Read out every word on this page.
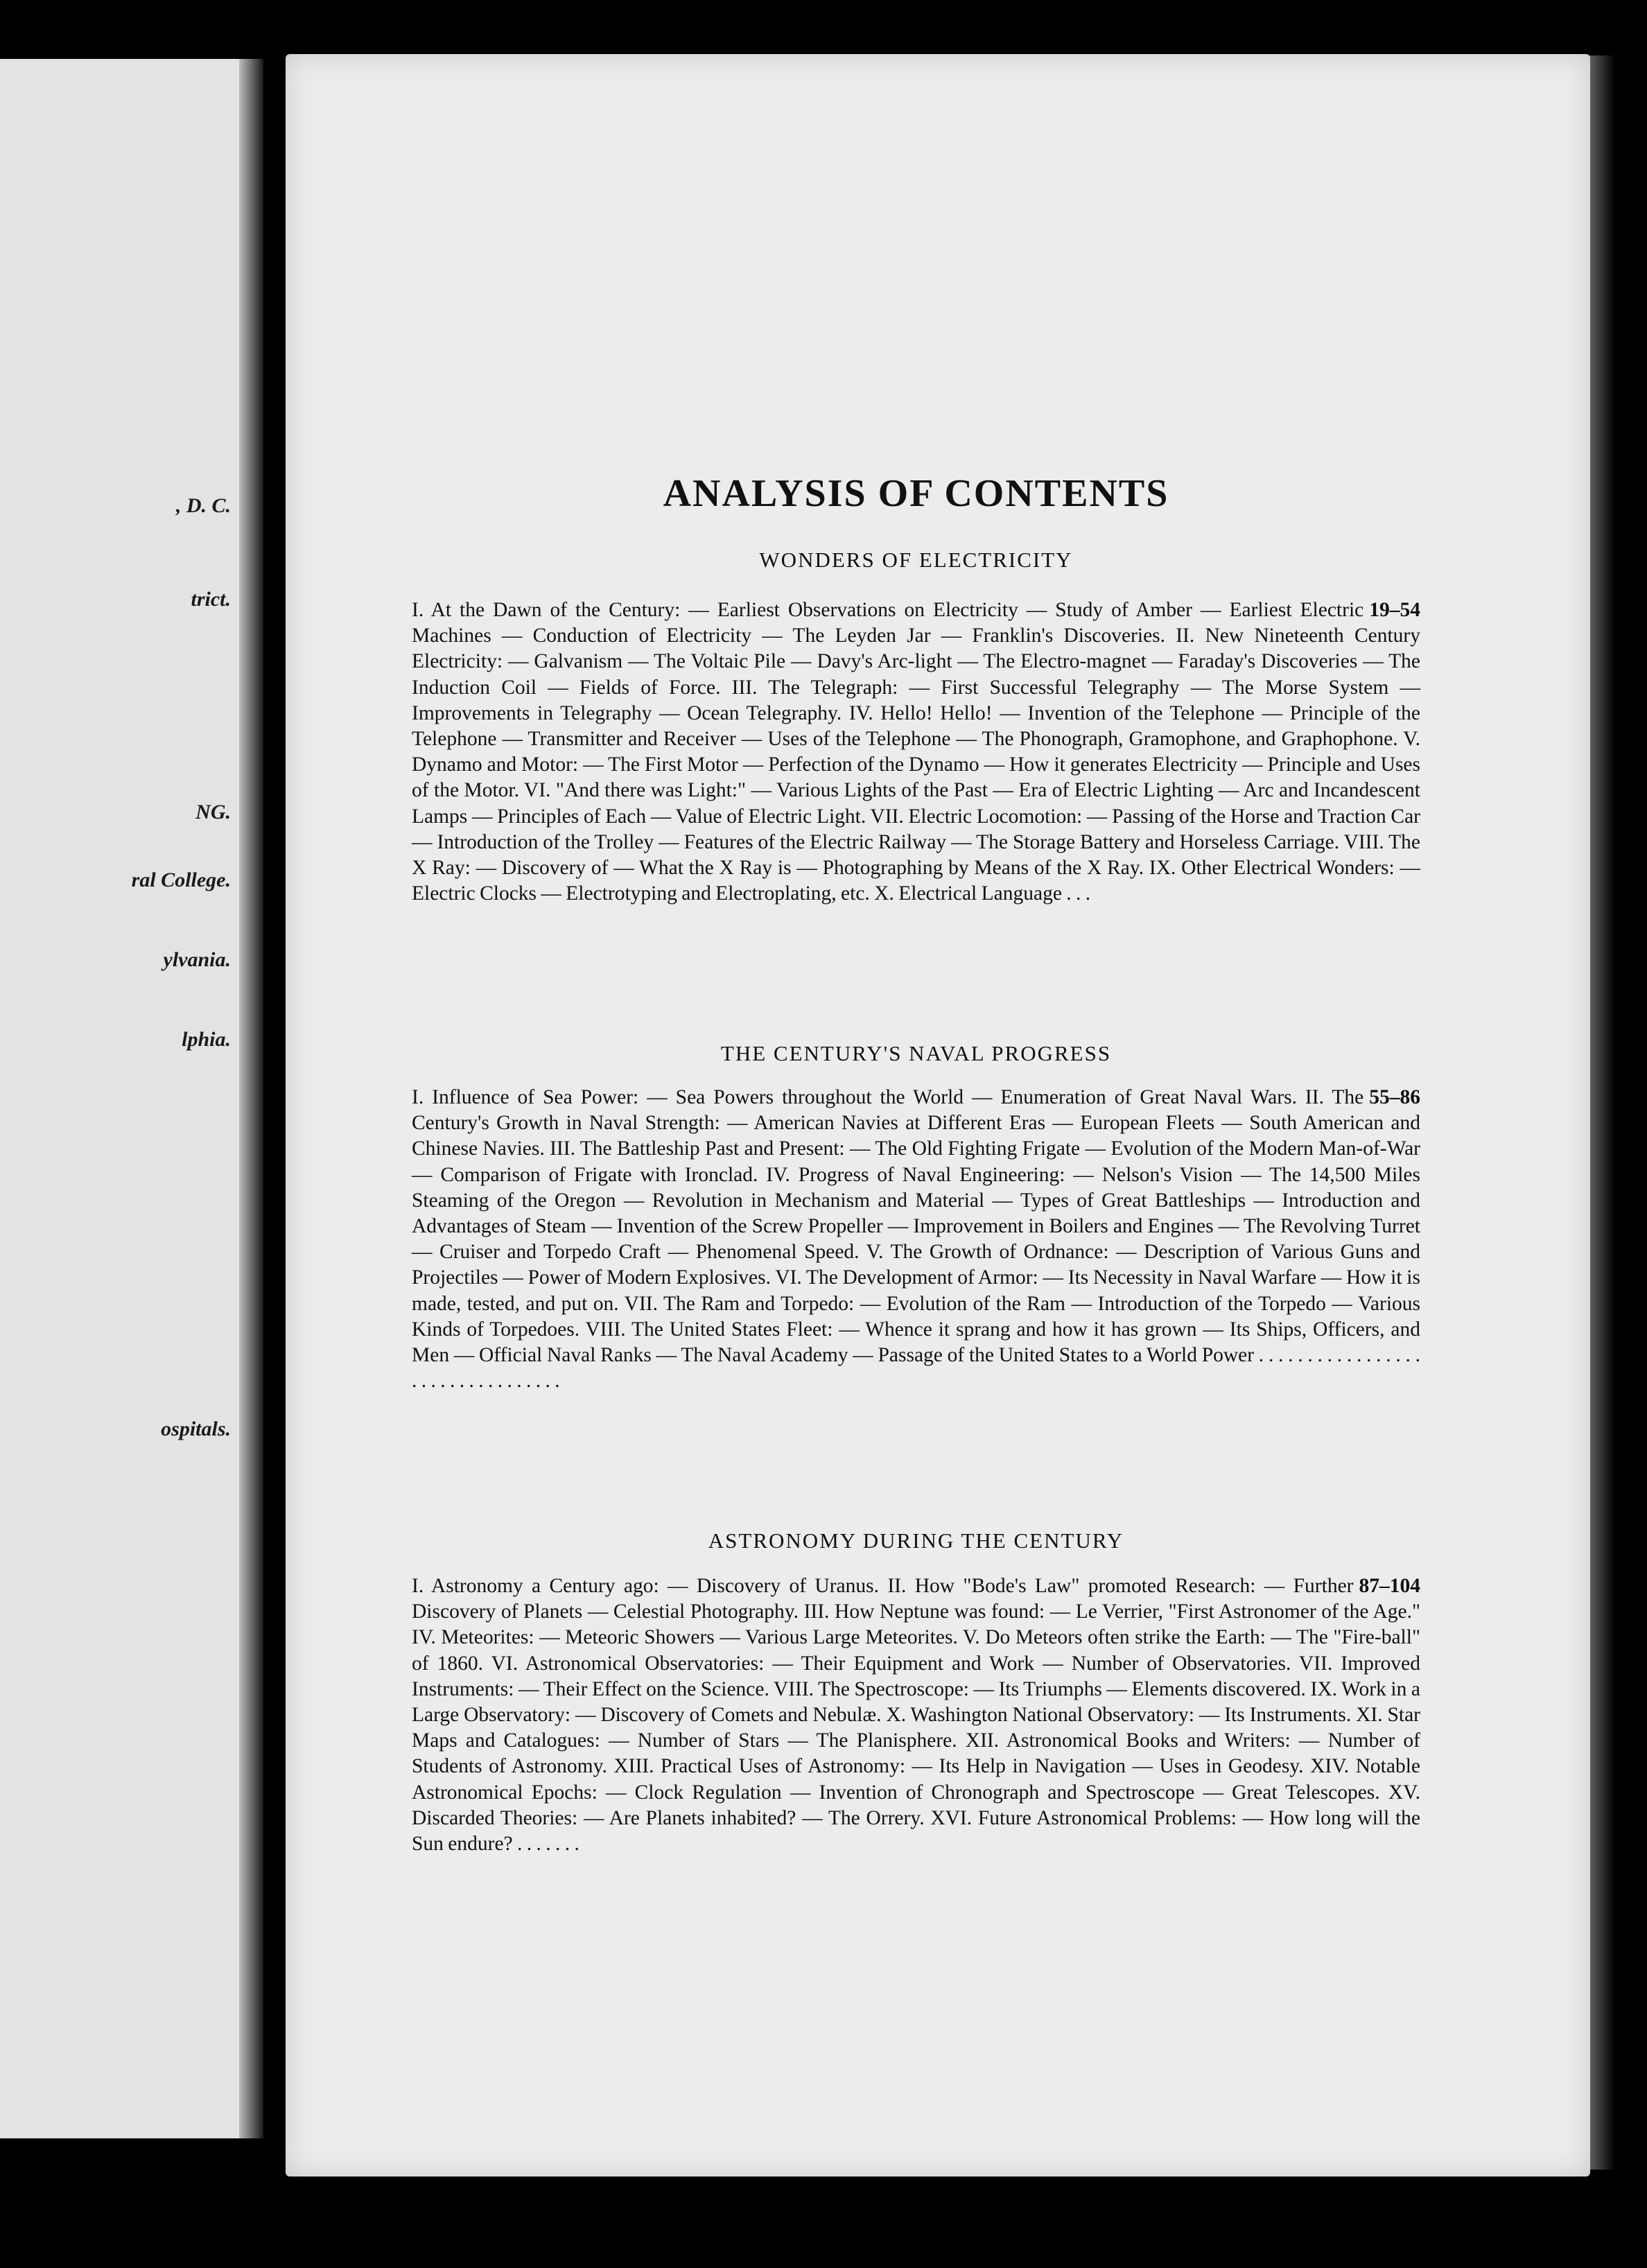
, D. C.
trict.
NG.
ral College.
ylvania.
lphia.
ospitals.
ANALYSIS OF CONTENTS
WONDERS OF ELECTRICITY

19–54
I. At the Dawn of the Century: — Earliest Observations on Electricity — Study of Amber — Earliest Electric Machines — Conduction of Electricity — The Leyden Jar — Franklin's Discoveries. II. New Nineteenth Century Electricity: — Galvanism — The Voltaic Pile — Davy's Arc-light — The Electro-magnet — Faraday's Discoveries — The Induction Coil — Fields of Force. III. The Telegraph: — First Successful Telegraphy — The Morse System — Improvements in Telegraphy — Ocean Telegraphy. IV. Hello! Hello! — Invention of the Telephone — Principle of the Telephone — Transmitter and Receiver — Uses of the Telephone — The Phonograph, Gramophone, and Graphophone. V. Dynamo and Motor: — The First Motor — Perfection of the Dynamo — How it generates Electricity — Principle and Uses of the Motor. VI. "And there was Light:" — Various Lights of the Past — Era of Electric Lighting — Arc and Incandescent Lamps — Principles of Each — Value of Electric Light. VII. Electric Locomotion: — Passing of the Horse and Traction Car — Introduction of the Trolley — Features of the Electric Railway — The Storage Battery and Horseless Carriage. VIII. The X Ray: — Discovery of — What the X Ray is — Photographing by Means of the X Ray. IX. Other Electrical Wonders: — Electric Clocks — Electrotyping and Electroplating, etc. X. Electrical Language . . .

THE CENTURY'S NAVAL PROGRESS

55–86
I. Influence of Sea Power: — Sea Powers throughout the World — Enumeration of Great Naval Wars. II. The Century's Growth in Naval Strength: — American Navies at Different Eras — European Fleets — South American and Chinese Navies. III. The Battleship Past and Present: — The Old Fighting Frigate — Evolution of the Modern Man-of-War — Comparison of Frigate with Ironclad. IV. Progress of Naval Engineering: — Nelson's Vision — The 14,500 Miles Steaming of the Oregon — Revolution in Mechanism and Material — Types of Great Battleships — Introduction and Advantages of Steam — Invention of the Screw Propeller — Improvement in Boilers and Engines — The Revolving Turret — Cruiser and Torpedo Craft — Phenomenal Speed. V. The Growth of Ordnance: — Description of Various Guns and Projectiles — Power of Modern Explosives. VI. The Development of Armor: — Its Necessity in Naval Warfare — How it is made, tested, and put on. VII. The Ram and Torpedo: — Evolution of the Ram — Introduction of the Torpedo — Various Kinds of Torpedoes. VIII. The United States Fleet: — Whence it sprang and how it has grown — Its Ships, Officers, and Men — Official Naval Ranks — The Naval Academy — Passage of the United States to a World Power . . . . . . . . . . . . . . . . . . . . . . . . . . . . . . . . .

ASTRONOMY DURING THE CENTURY

87–104
I. Astronomy a Century ago: — Discovery of Uranus. II. How "Bode's Law" promoted Research: — Further Discovery of Planets — Celestial Photography. III. How Neptune was found: — Le Verrier, "First Astronomer of the Age." IV. Meteorites: — Meteoric Showers — Various Large Meteorites. V. Do Meteors often strike the Earth: — The "Fire-ball" of 1860. VI. Astronomical Observatories: — Their Equipment and Work — Number of Observatories. VII. Improved Instruments: — Their Effect on the Science. VIII. The Spectroscope: — Its Triumphs — Elements discovered. IX. Work in a Large Observatory: — Discovery of Comets and Nebulæ. X. Washington National Observatory: — Its Instruments. XI. Star Maps and Catalogues: — Number of Stars — The Planisphere. XII. Astronomical Books and Writers: — Number of Students of Astronomy. XIII. Practical Uses of Astronomy: — Its Help in Navigation — Uses in Geodesy. XIV. Notable Astronomical Epochs: — Clock Regulation — Invention of Chronograph and Spectroscope — Great Telescopes. XV. Discarded Theories: — Are Planets inhabited? — The Orrery. XVI. Future Astronomical Problems: — How long will the Sun endure? . . . . . . .
